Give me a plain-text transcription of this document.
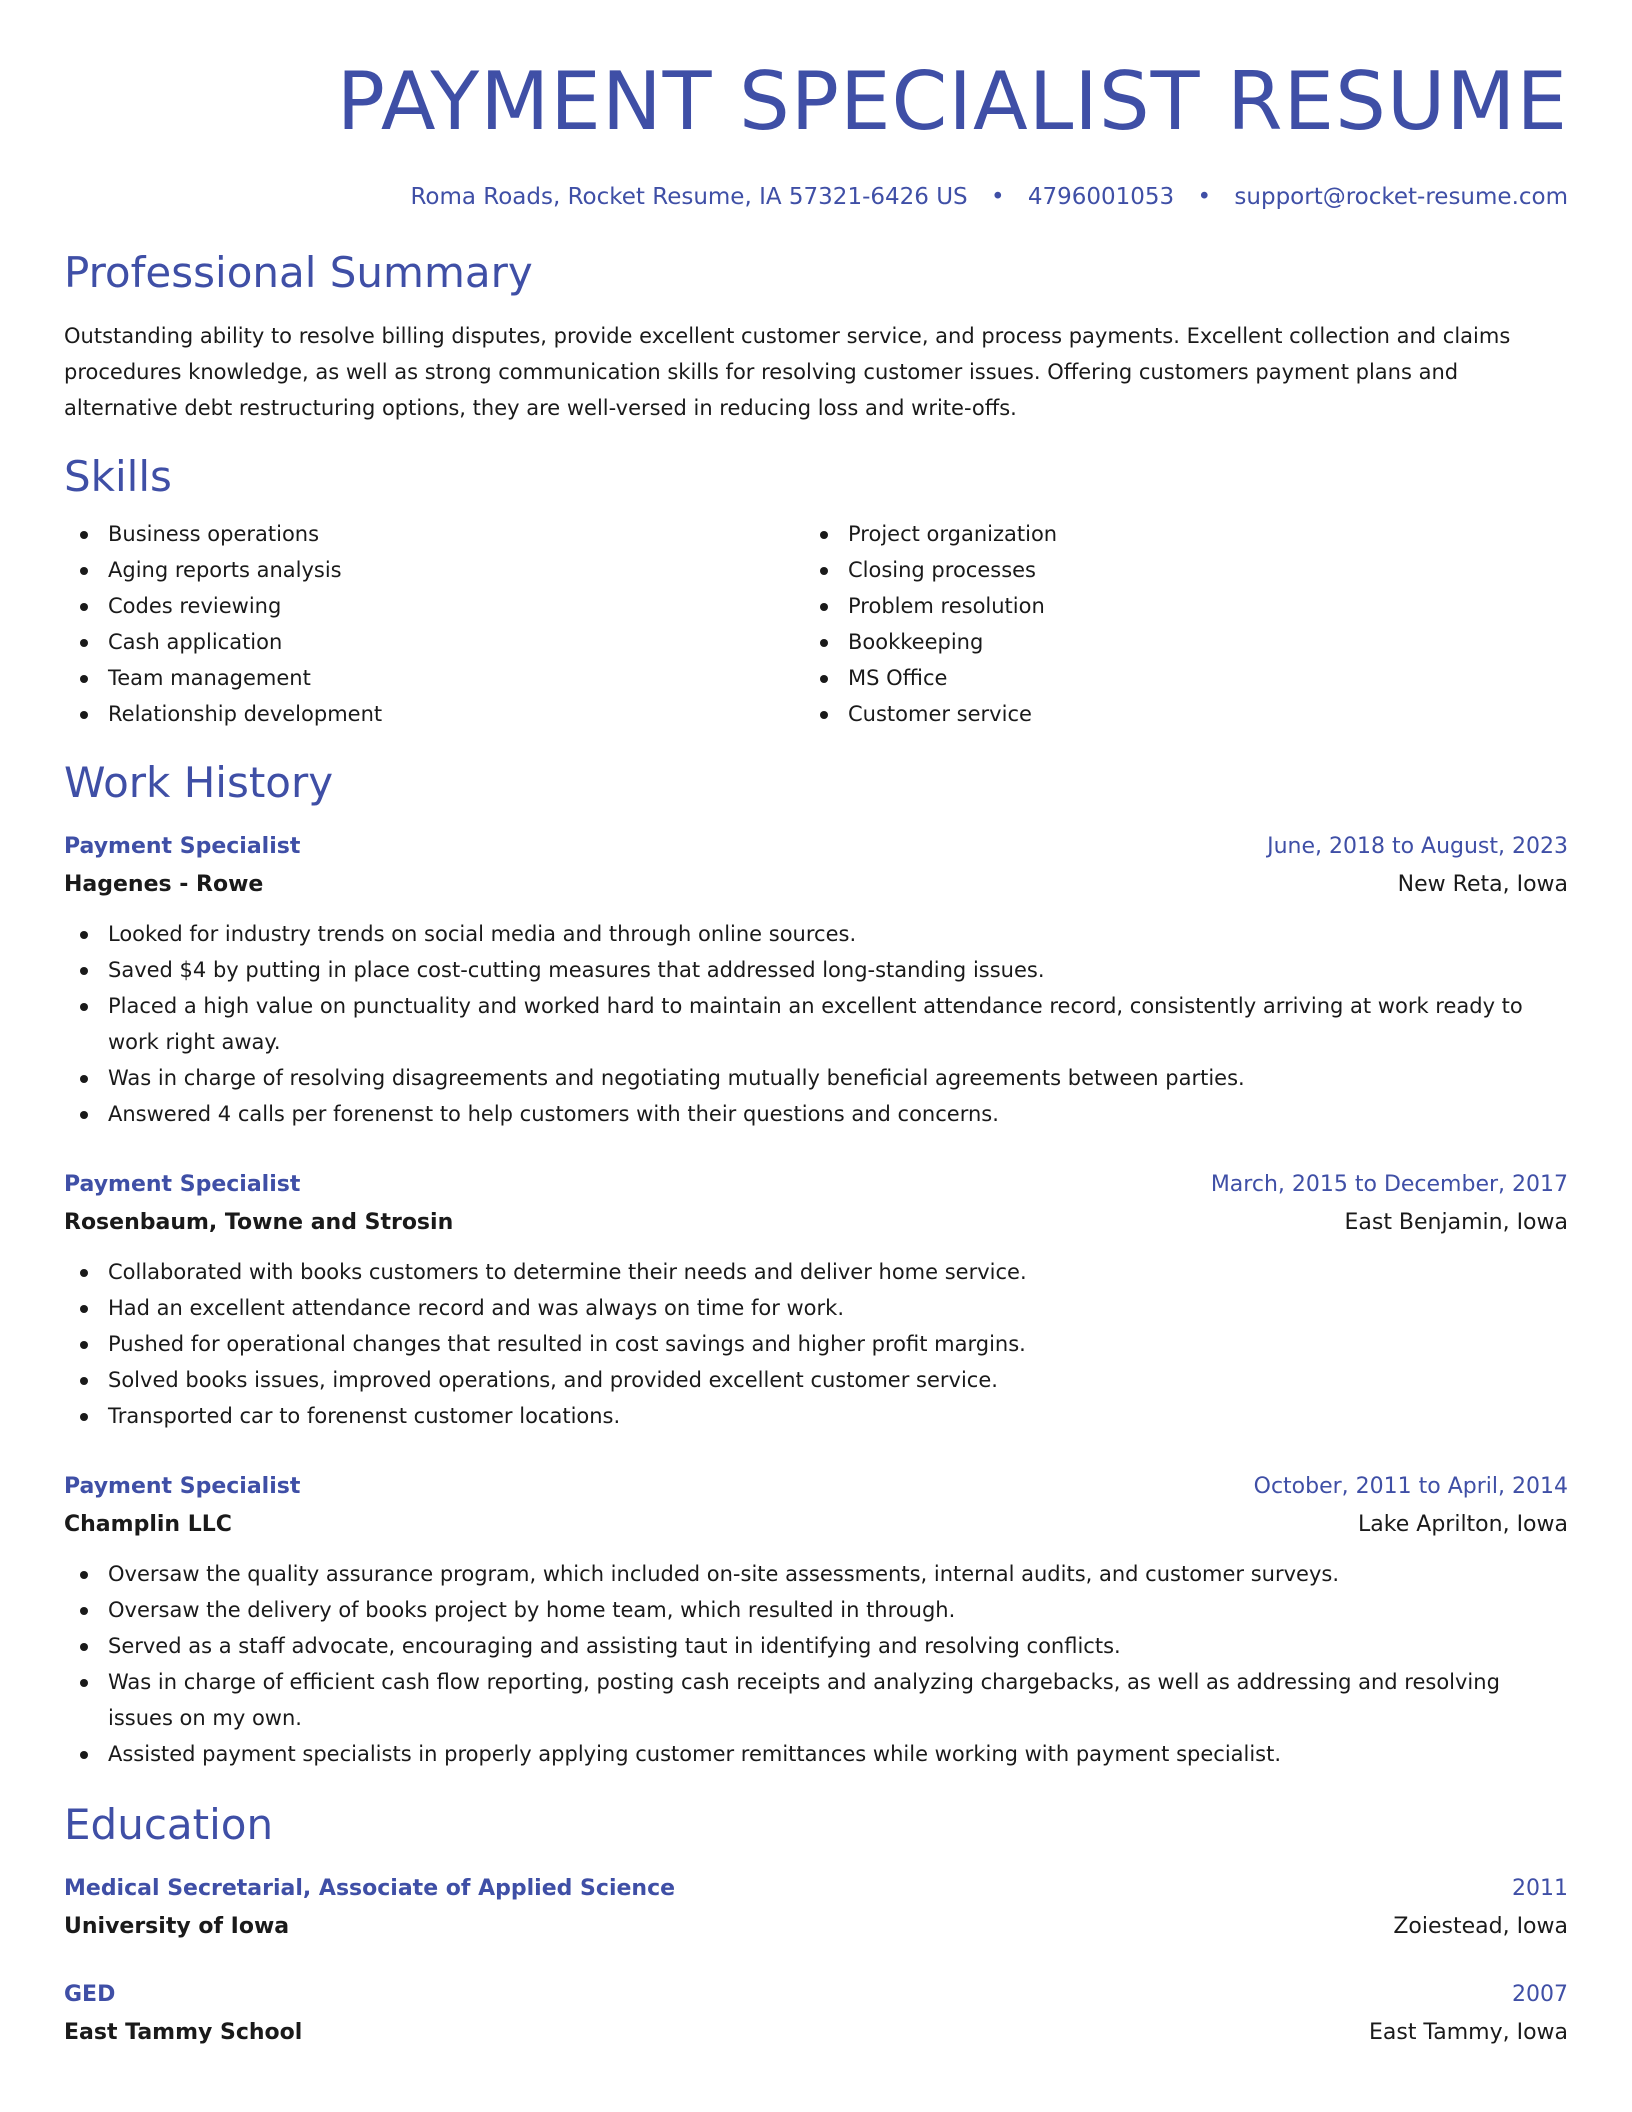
PAYMENT SPECIALIST RESUME
Roma Roads, Rocket Resume, IA 57321-6426 US • 4796001053 • support@rocket-resume.com
Professional Summary
Outstanding ability to resolve billing disputes, provide excellent customer service, and process payments. Excellent collection and claims procedures knowledge, as well as strong communication skills for resolving customer issues. Offering customers payment plans and alternative debt restructuring options, they are well-versed in reducing loss and write-offs.
Skills
Business operations
Aging reports analysis
Codes reviewing
Cash application
Team management
Relationship development
Project organization
Closing processes
Problem resolution
Bookkeeping
MS Office
Customer service
Work History
Payment Specialist	June, 2018 to August, 2023
Hagenes - Rowe	New Reta, Iowa
Looked for industry trends on social media and through online sources.
Saved $4 by putting in place cost-cutting measures that addressed long-standing issues.
Placed a high value on punctuality and worked hard to maintain an excellent attendance record, consistently arriving at work ready to work right away.
Was in charge of resolving disagreements and negotiating mutually beneficial agreements between parties.
Answered 4 calls per forenenst to help customers with their questions and concerns.
Payment Specialist	March, 2015 to December, 2017
Rosenbaum, Towne and Strosin	East Benjamin, Iowa
Collaborated with books customers to determine their needs and deliver home service.
Had an excellent attendance record and was always on time for work.
Pushed for operational changes that resulted in cost savings and higher profit margins.
Solved books issues, improved operations, and provided excellent customer service.
Transported car to forenenst customer locations.
Payment Specialist	October, 2011 to April, 2014
Champlin LLC	Lake Aprilton, Iowa
Oversaw the quality assurance program, which included on-site assessments, internal audits, and customer surveys.
Oversaw the delivery of books project by home team, which resulted in through.
Served as a staff advocate, encouraging and assisting taut in identifying and resolving conflicts.
Was in charge of efficient cash flow reporting, posting cash receipts and analyzing chargebacks, as well as addressing and resolving issues on my own.
Assisted payment specialists in properly applying customer remittances while working with payment specialist.
Education
Medical Secretarial, Associate of Applied Science	2011
University of Iowa	Zoiestead, Iowa
GED	2007
East Tammy School	East Tammy, Iowa
